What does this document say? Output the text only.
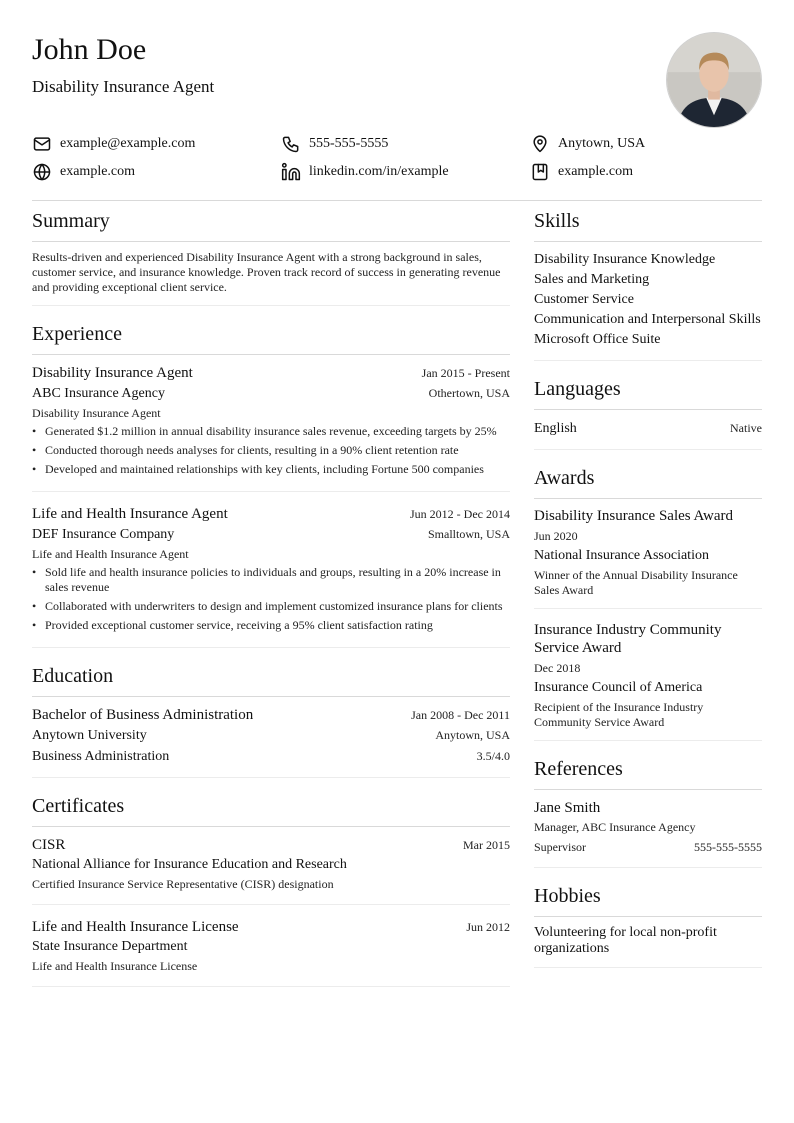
John Doe
Disability Insurance Agent
example@example.com	555-555-5555	Anytown, USA
example.com	linkedin.com/in/example	example.com
Summary

Results-driven and experienced Disability Insurance Agent with a strong background in sales, customer service, and insurance knowledge. Proven track record of success in generating revenue and providing exceptional client service.

Experience
Disability Insurance Agent	Jan 2015 - Present
ABC Insurance Agency	Othertown, USA
Disability Insurance Agent
• Generated $1.2 million in annual disability insurance sales revenue, exceeding targets by 25%
• Conducted thorough needs analyses for clients, resulting in a 90% client retention rate
• Developed and maintained relationships with key clients, including Fortune 500 companies
Life and Health Insurance Agent	Jun 2012 - Dec 2014
DEF Insurance Company	Smalltown, USA
Life and Health Insurance Agent
• Sold life and health insurance policies to individuals and groups, resulting in a 20% increase in sales revenue
• Collaborated with underwriters to design and implement customized insurance plans for clients
• Provided exceptional customer service, receiving a 95% client satisfaction rating
Education
Bachelor of Business Administration	Jan 2008 - Dec 2011
Anytown University	Anytown, USA
Business Administration	3.5/4.0
Certificates
CISR	Mar 2015
National Alliance for Insurance Education and Research
Certified Insurance Service Representative (CISR) designation
Life and Health Insurance License	Jun 2012
State Insurance Department
Life and Health Insurance License
Skills
Disability Insurance Knowledge
Sales and Marketing
Customer Service
Communication and Interpersonal Skills
Microsoft Office Suite
Languages
English	Native
Awards
Disability Insurance Sales Award
Jun 2020
National Insurance Association
Winner of the Annual Disability Insurance Sales Award
Insurance Industry Community Service Award
Dec 2018
Insurance Council of America
Recipient of the Insurance Industry Community Service Award
References
Jane Smith
Manager, ABC Insurance Agency
Supervisor	555-555-5555
Hobbies
Volunteering for local non-profit organizations
